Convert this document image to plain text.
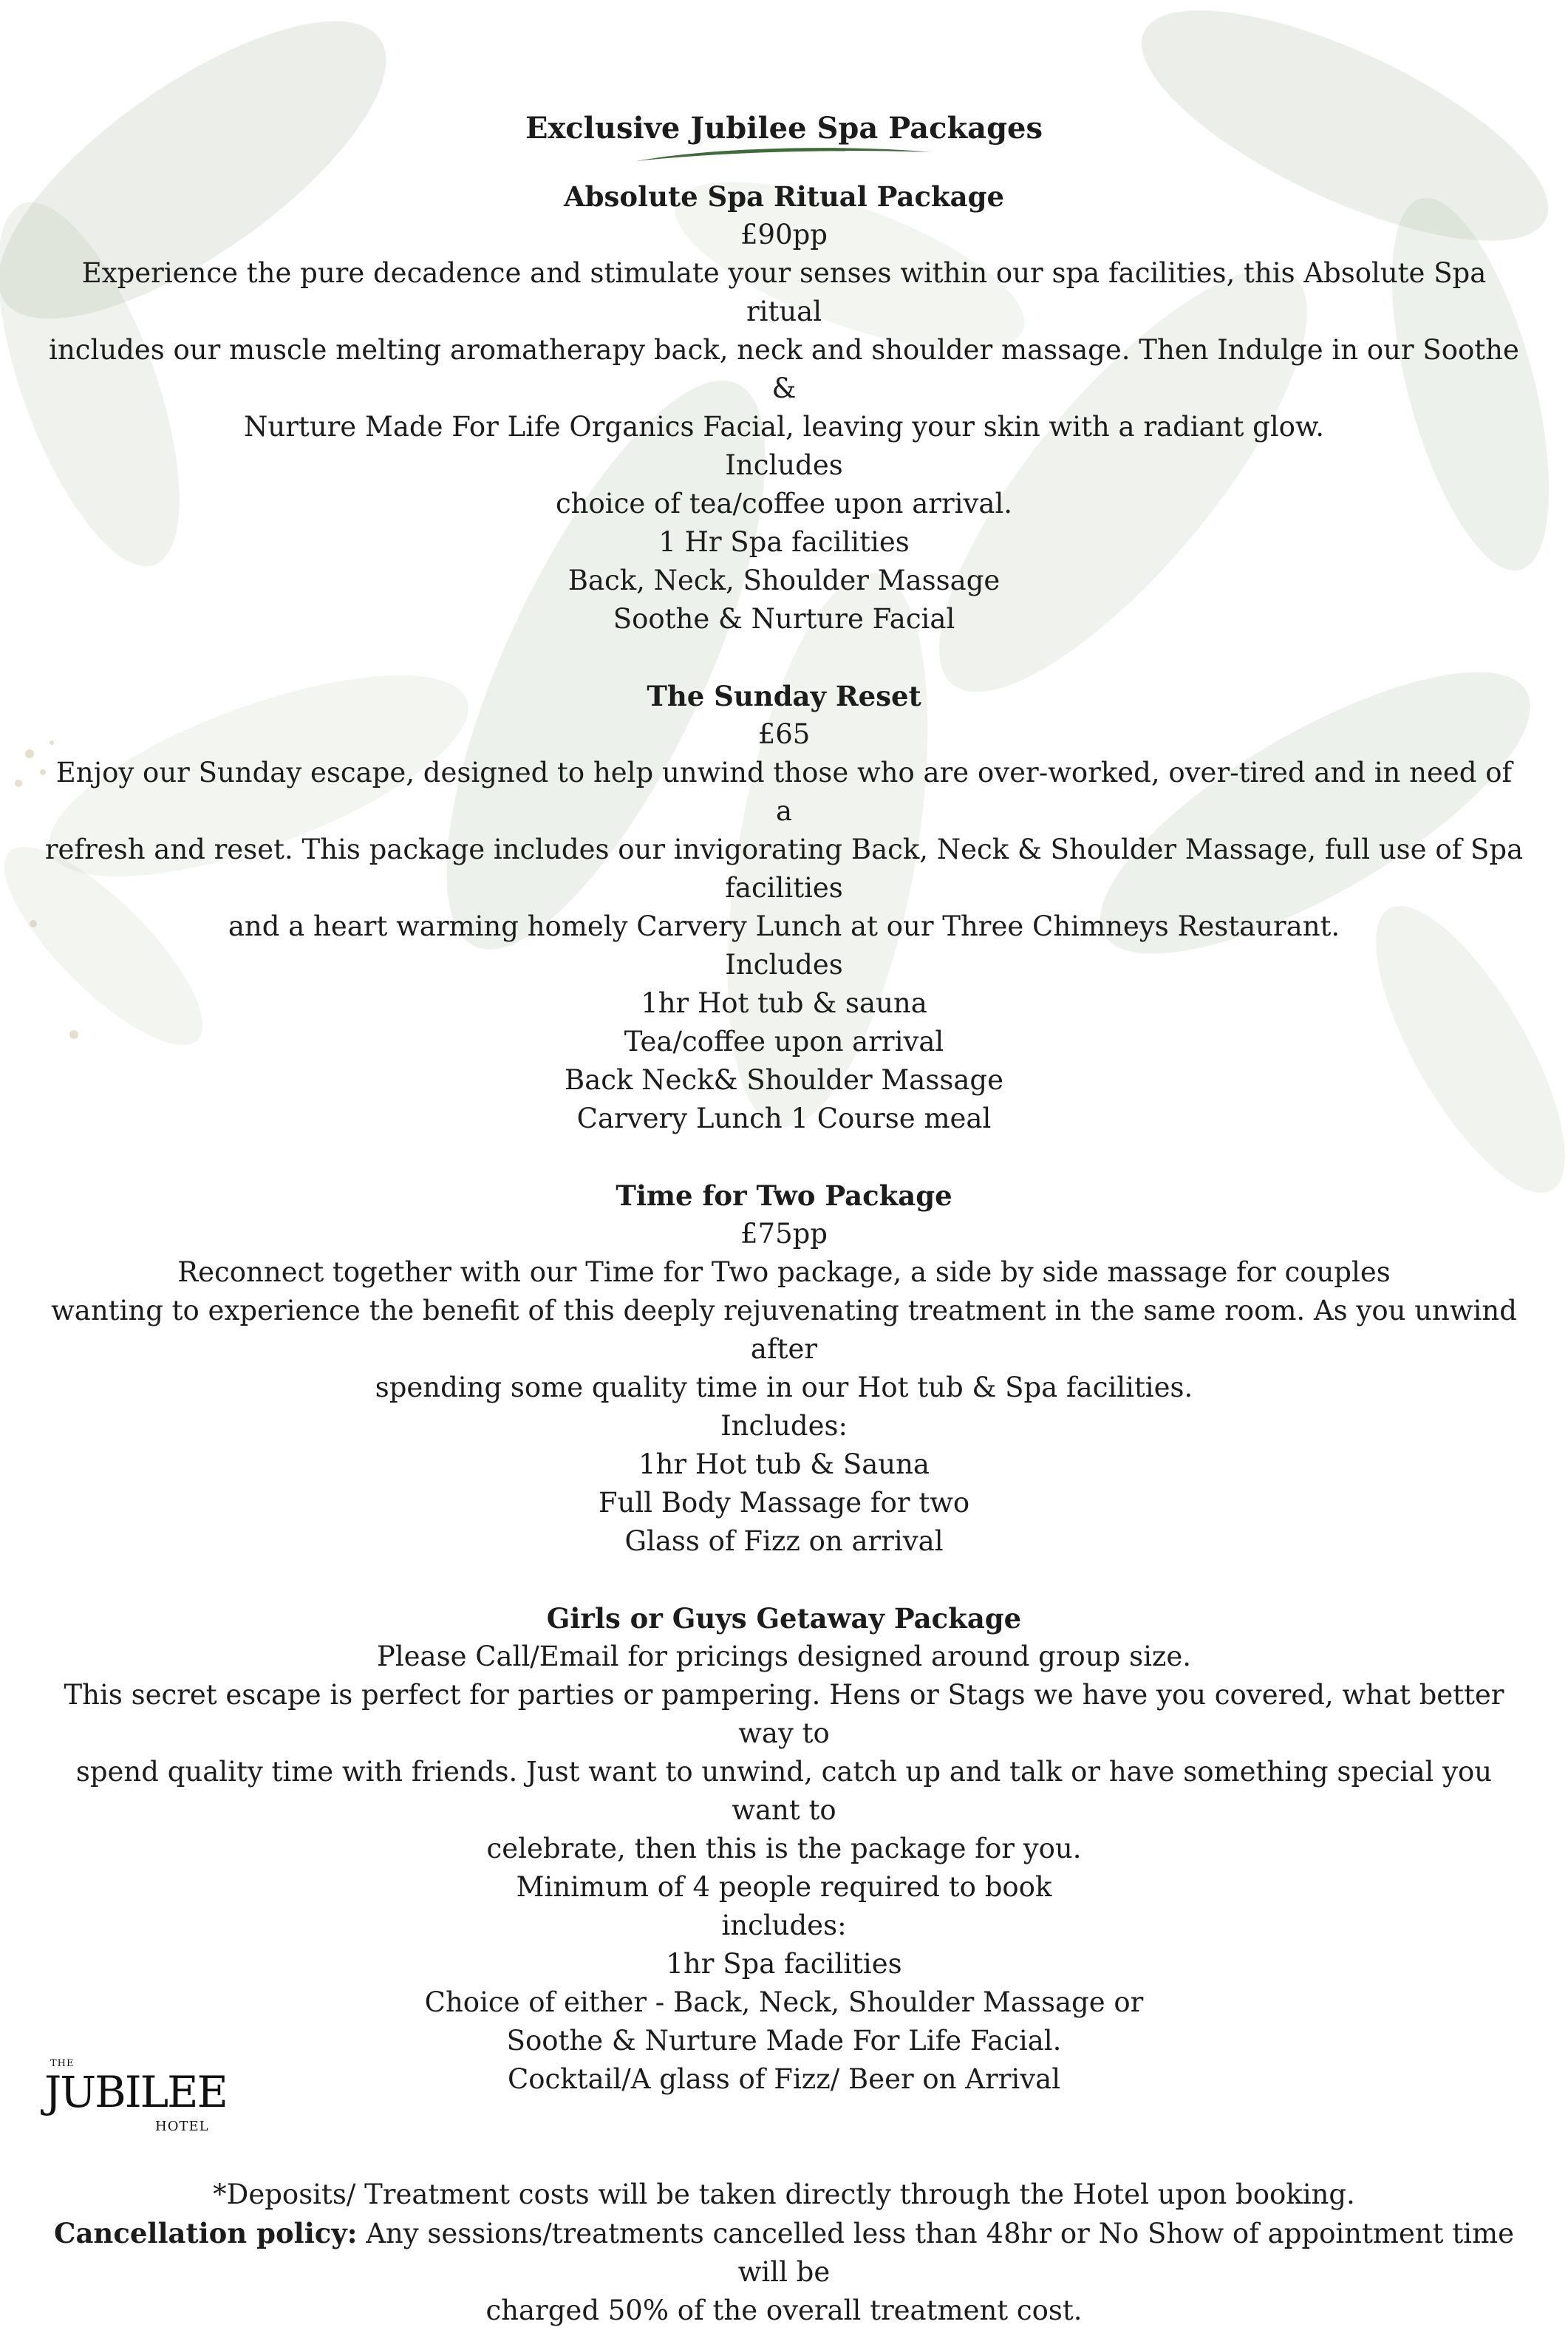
Exclusive Jubilee Spa Packages
Absolute Spa Ritual Package
£90pp
Experience the pure decadence and stimulate your senses within our spa facilities, this Absolute Spa ritual
includes our muscle melting aromatherapy back, neck and shoulder massage. Then Indulge in our Soothe &
Nurture Made For Life Organics Facial, leaving your skin with a radiant glow.
Includes
choice of tea/coffee upon arrival.
1 Hr Spa facilities
Back, Neck, Shoulder Massage
Soothe & Nurture Facial
The Sunday Reset
£65
Enjoy our Sunday escape, designed to help unwind those who are over-worked, over-tired and in need of a
refresh and reset. This package includes our invigorating Back, Neck & Shoulder Massage, full use of Spa facilities
and a heart warming homely Carvery Lunch at our Three Chimneys Restaurant.
Includes
1hr Hot tub & sauna
Tea/coffee upon arrival
Back Neck& Shoulder Massage
Carvery Lunch 1 Course meal
Time for Two Package
£75pp
Reconnect together with our Time for Two package, a side by side massage for couples
wanting to experience the benefit of this deeply rejuvenating treatment in the same room. As you unwind after
spending some quality time in our Hot tub & Spa facilities.
Includes:
1hr Hot tub & Sauna
Full Body Massage for two
Glass of Fizz on arrival
Girls or Guys Getaway Package
Please Call/Email for pricings designed around group size.
This secret escape is perfect for parties or pampering. Hens or Stags we have you covered, what better way to
spend quality time with friends. Just want to unwind, catch up and talk or have something special you want to
celebrate, then this is the package for you.
Minimum of 4 people required to book
includes:
1hr Spa facilities
Choice of either - Back, Neck, Shoulder Massage or
Soothe & Nurture Made For Life Facial.
Cocktail/A glass of Fizz/ Beer on Arrival
*Deposits/ Treatment costs will be taken directly through the Hotel upon booking.
Cancellation policy: Any sessions/treatments cancelled less than 48hr or No Show of appointment time will be
charged 50% of the overall treatment cost.
THE
JUBILEE
HOTEL
